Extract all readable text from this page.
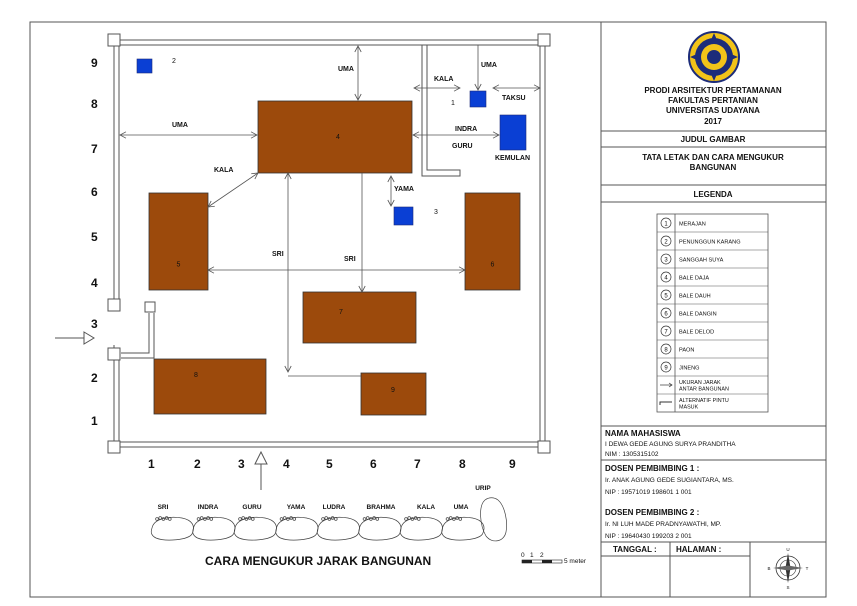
4
5	6
7
8
9
1
2
3
KEMULAN
UMA
UMA
UMA
KALA
KALA
TAKSU
INDRA
GURU
YAMA
SRI
SRI
9
8
7
6
5
4
3
2
1
1	2	3	4	5	6	7	8	9
SRI	INDRA	GURU	YAMA	LUDRA	BRAHMA	KALA	UMA
URIP
CARA MENGUKUR JARAK BANGUNAN	0 1 2
5 meter
PRODI ARSITEKTUR PERTAMANAN
FAKULTAS PERTANIAN
UNIVERSITAS UDAYANA
2017
JUDUL GAMBAR
TATA LETAK DAN CARA MENGUKUR
BANGUNAN
LEGENDA
1 MERAJAN
2 PENUNGGUN KARANG
3 SANGGAH SUYA
4 BALE DAJA
5 BALE DAUH
6 BALE DANGIN
7 BALE DELOD
8 PAON
9 JINENG
UKURAN JARAK
ANTAR BANGUNAN
ALTERNATIF PINTU
MASUK
NAMA MAHASISWA
I DEWA GEDE AGUNG SURYA PRANDITHA
NIM : 1305315102
DOSEN PEMBIMBING 1 :
Ir. ANAK AGUNG GEDE SUGIANTARA, MS.
NIP : 19571019 198601 1 001
DOSEN PEMBIMBING 2 :
Ir. NI LUH MADE PRADNYAWATHI, MP.
NIP : 19640430 199203 2 001
TANGGAL : HALAMAN :	U
S
B	T
